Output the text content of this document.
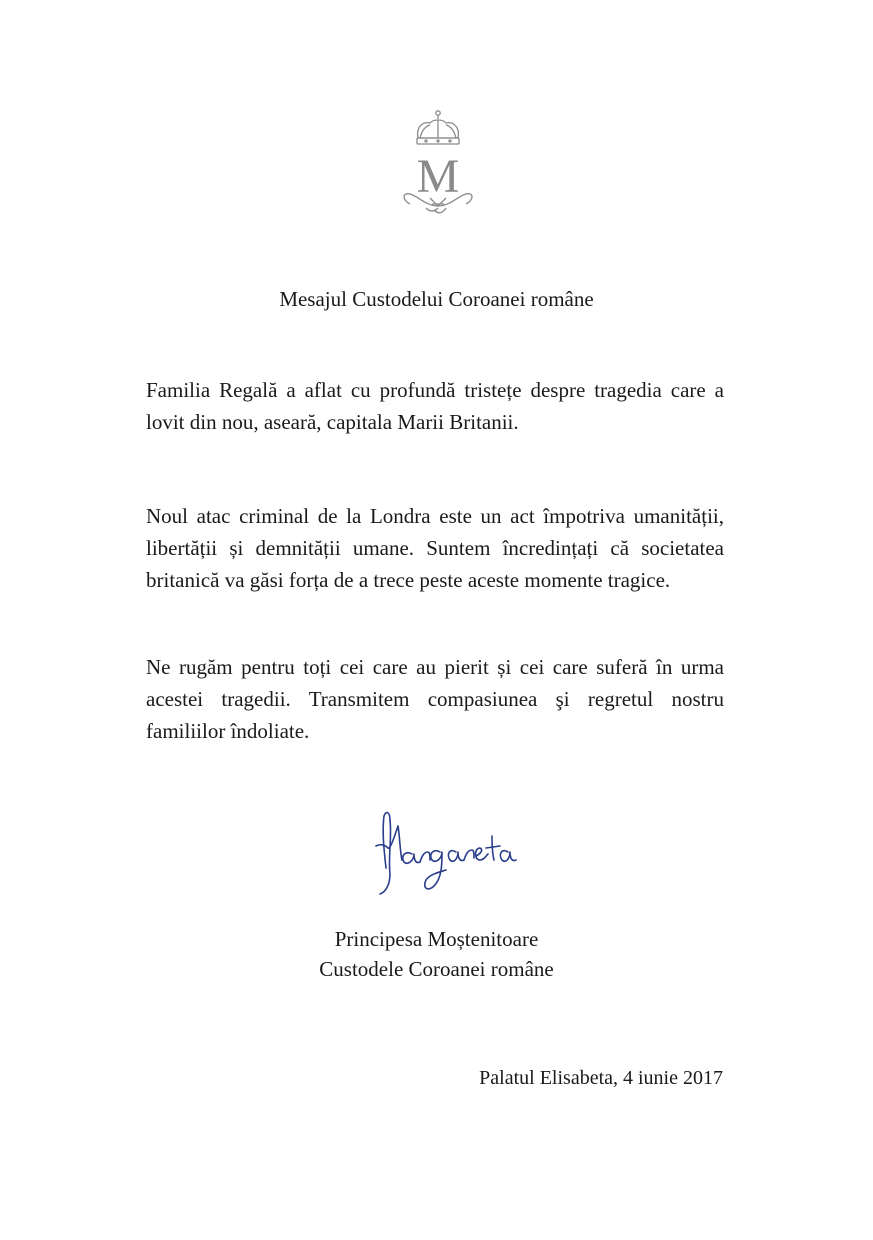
M
Mesajul Custodelui Coroanei române

Familia Regală a aflat cu profundă tristețe despre tragedia care a lovit din nou, aseară, capitala Marii Britanii.

Noul atac criminal de la Londra este un act împotriva umanității, libertății și demnității umane. Suntem încredințați că societatea britanică va găsi forța de a trece peste aceste momente tragice.

Ne rugăm pentru toți cei care au pierit și cei care suferă în urma acestei tragedii. Transmitem compasiunea şi regretul nostru familiilor îndoliate.

Principesa Moștenitoare
Custodele Coroanei române
Palatul Elisabeta, 4 iunie 2017
